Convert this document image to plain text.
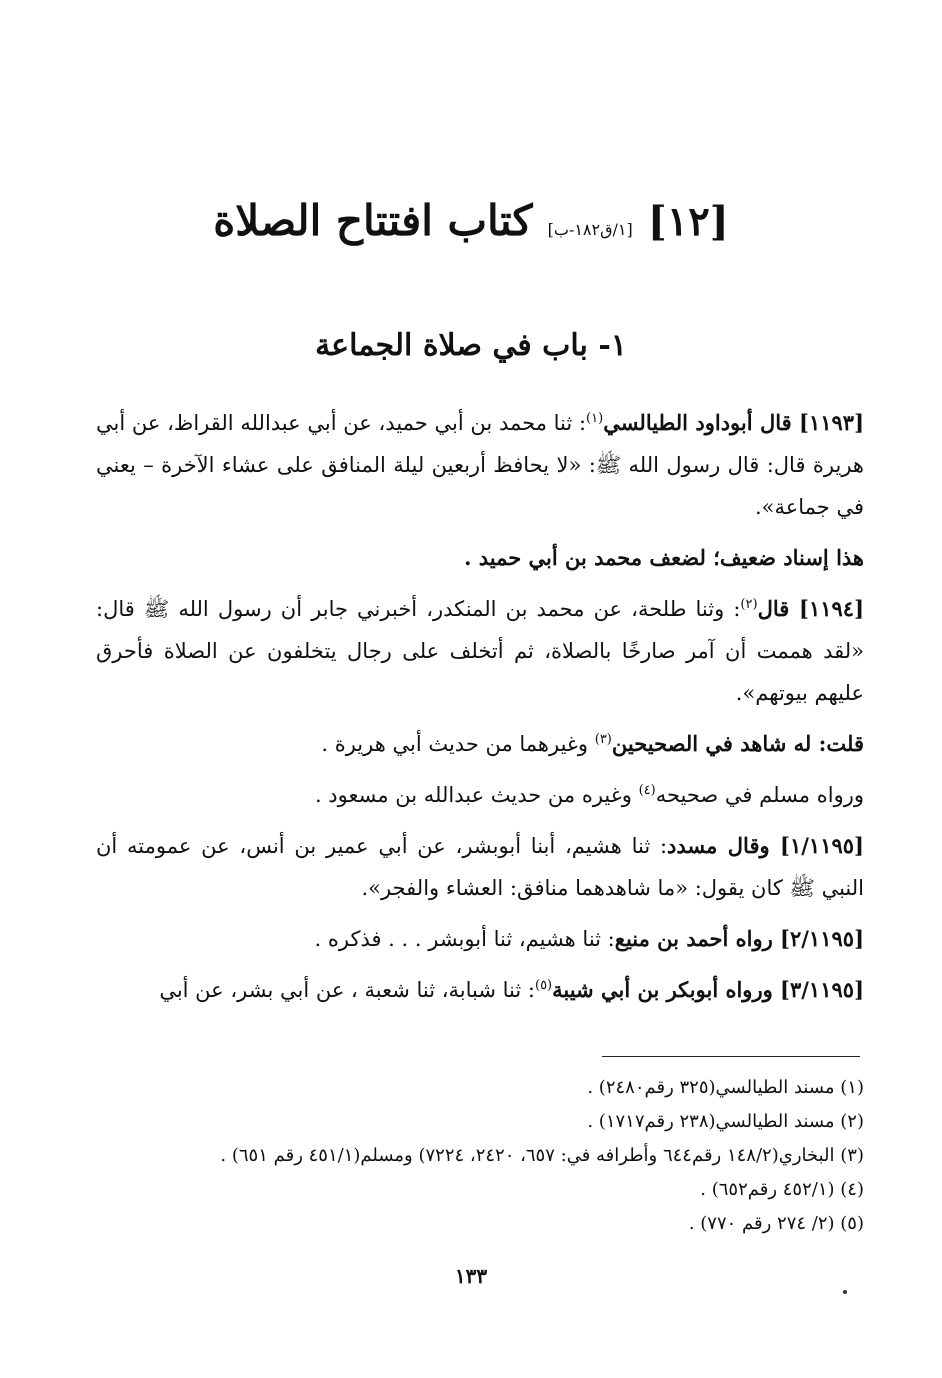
[١٢] [١/ق١٨٢-ب] كتاب افتتاح الصلاة
١- باب في صلاة الجماعة

[١١٩٣] قال أبوداود الطيالسي$^{(١)}$: ثنا محمد بن أبي حميد، عن أبي عبدالله القراظ، عن أبي هريرة قال: قال رسول الله ﷺ: «لا يحافظ أربعين ليلة المنافق على عشاء الآخرة – يعني في جماعة».

هذا إسناد ضعيف؛ لضعف محمد بن أبي حميد .

[١١٩٤] قال$^{(٢)}$: وثنا طلحة، عن محمد بن المنكدر، أخبرني جابر أن رسول الله ﷺ قال: «لقد هممت أن آمر صارخًا بالصلاة، ثم أتخلف على رجال يتخلفون عن الصلاة فأحرق عليهم بيوتهم».

قلت: له شاهد في الصحيحين$^{(٣)}$ وغيرهما من حديث أبي هريرة .

ورواه مسلم في صحيحه$^{(٤)}$ وغيره من حديث عبدالله بن مسعود .

[١/١١٩٥] وقال مسدد: ثنا هشيم، أبنا أبوبشر، عن أبي عمير بن أنس، عن عمومته أن النبي ﷺ كان يقول: «ما شاهدهما منافق: العشاء والفجر».

[٢/١١٩٥] رواه أحمد بن منيع: ثنا هشيم، ثنا أبوبشر . . . فذكره .

[٣/١١٩٥] ورواه أبوبكر بن أبي شيبة$^{(٥)}$: ثنا شبابة، ثنا شعبة ، عن أبي بشر، عن أبي

(١) مسند الطيالسي(٣٢٥ رقم٢٤٨٠) .
(٢) مسند الطيالسي(٢٣٨ رقم١٧١٧) .
(٣) البخاري(١٤٨/٢ رقم٦٤٤ وأطرافه في: ٦٥٧، ٢٤٢٠، ٧٢٢٤) ومسلم(٤٥١/١ رقم ٦٥١) .
(٤) (٤٥٢/١ رقم٦٥٢) .
(٥) (٢/ ٢٧٤ رقم ٧٧٠) .
١٣٣
